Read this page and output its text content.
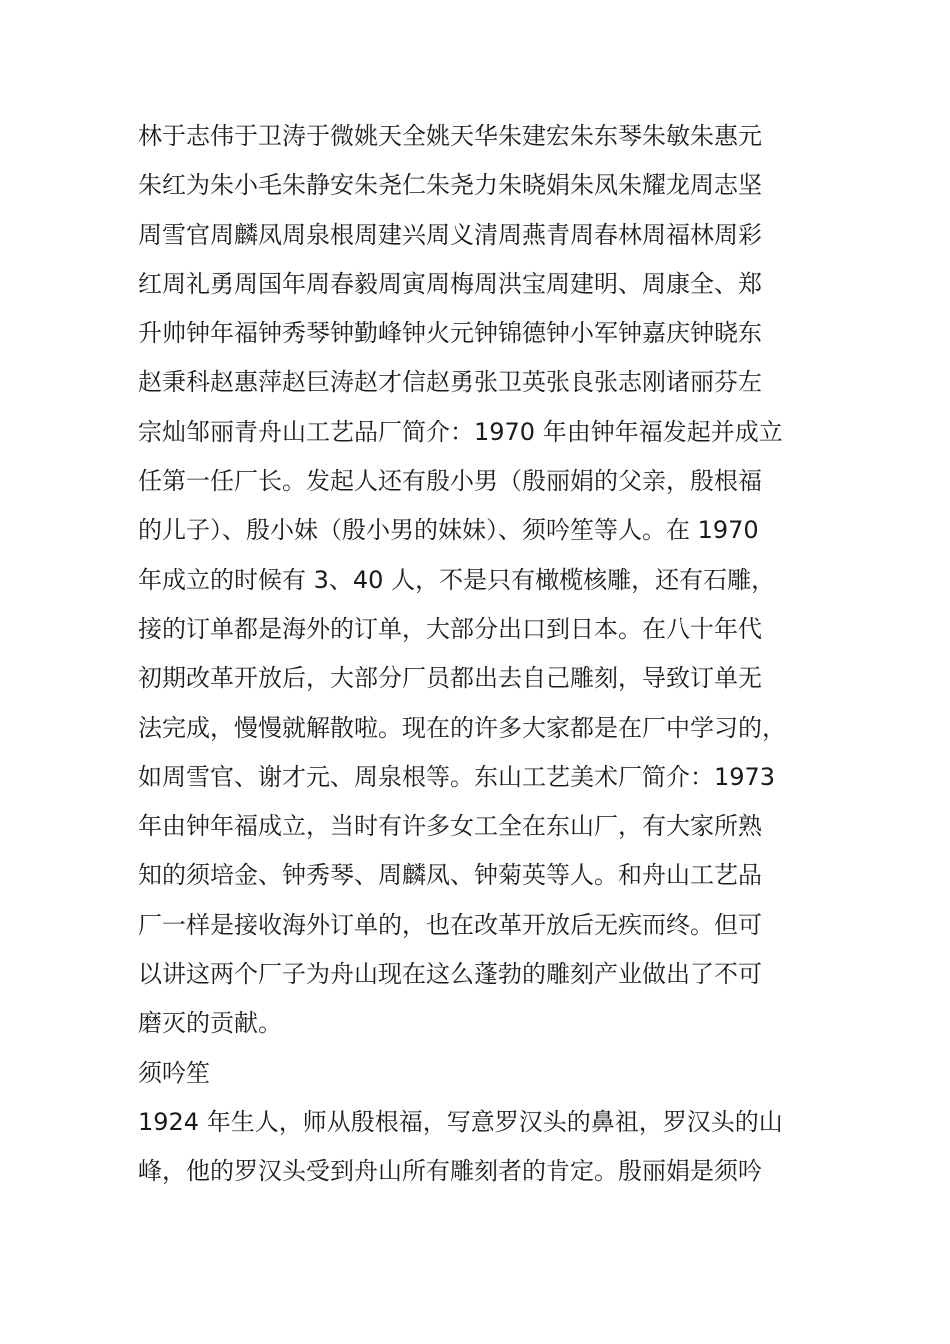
林于志伟于卫涛于微姚天全姚天华朱建宏朱东琴朱敏朱惠元
朱红为朱小毛朱静安朱尧仁朱尧力朱晓娟朱凤朱耀龙周志坚
周雪官周麟凤周泉根周建兴周义清周燕青周春林周福林周彩
红周礼勇周国年周春毅周寅周梅周洪宝周建明、周康全、郑
升帅钟年福钟秀琴钟勤峰钟火元钟锦德钟小军钟嘉庆钟晓东
赵秉科赵惠萍赵巨涛赵才信赵勇张卫英张良张志刚诸丽芬左
宗灿邹丽青舟山工艺品厂简介：1970 年由钟年福发起并成立
任第一任厂长。发起人还有殷小男（殷丽娟的父亲，殷根福
的儿子）、殷小妹（殷小男的妹妹）、须吟笙等人。在 1970
年成立的时候有 3、40 人，不是只有橄榄核雕，还有石雕，
接的订单都是海外的订单，大部分出口到日本。在八十年代
初期改革开放后，大部分厂员都出去自己雕刻，导致订单无
法完成，慢慢就解散啦。现在的许多大家都是在厂中学习的，
如周雪官、谢才元、周泉根等。东山工艺美术厂简介：1973
年由钟年福成立，当时有许多女工全在东山厂，有大家所熟
知的须培金、钟秀琴、周麟凤、钟菊英等人。和舟山工艺品
厂一样是接收海外订单的，也在改革开放后无疾而终。但可
以讲这两个厂子为舟山现在这么蓬勃的雕刻产业做出了不可
磨灭的贡献。
须吟笙
1924 年生人，师从殷根福，写意罗汉头的鼻祖，罗汉头的山
峰，他的罗汉头受到舟山所有雕刻者的肯定。殷丽娟是须吟
